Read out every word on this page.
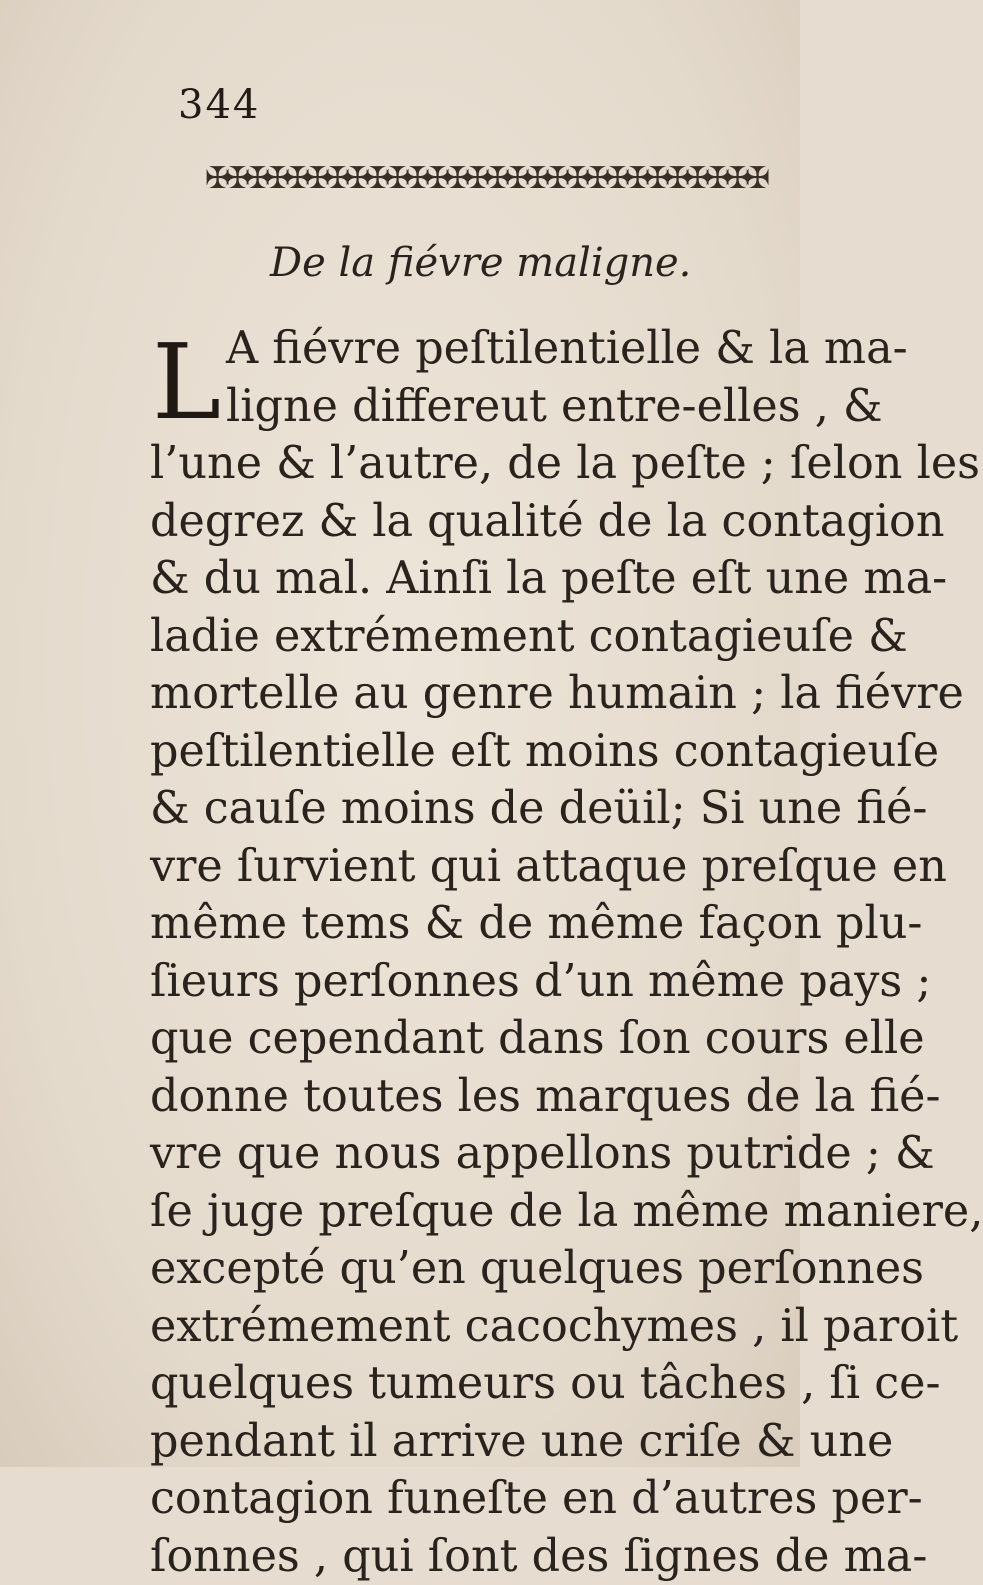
344
✠
✠
✠
✠
✠
✠
✠
✠
✠
✠
✠
✠
✠
✠
✠
✠
✠
✠
✠
✠
✠
✠
✠
✠
✠
✠
✠
✠
De la fiévre maligne.
L A fiévre peſtilentielle & la ma-
ligne differeut entre-elles , &
l’une & l’autre, de la peſte ; ſelon les
degrez & la qualité de la contagion
& du mal. Ainſi la peſte eſt une ma-
ladie extrémement contagieuſe &
mortelle au genre humain ; la fiévre
peſtilentielle eſt moins contagieuſe
& cauſe moins de deüil; Si une fié-
vre ſurvient qui attaque preſque en
même tems & de même façon plu-
ſieurs perſonnes d’un même pays ;
que cependant dans ſon cours elle
donne toutes les marques de la fié-
vre que nous appellons putride ; &
ſe juge preſque de la même maniere,
excepté qu’en quelques perſonnes
extrémement cacochymes , il paroit
quelques tumeurs ou tâches , ſi ce-
pendant il arrive une criſe & une
contagion funeſte en d’autres per-
ſonnes , qui ſont des ſignes de ma-
